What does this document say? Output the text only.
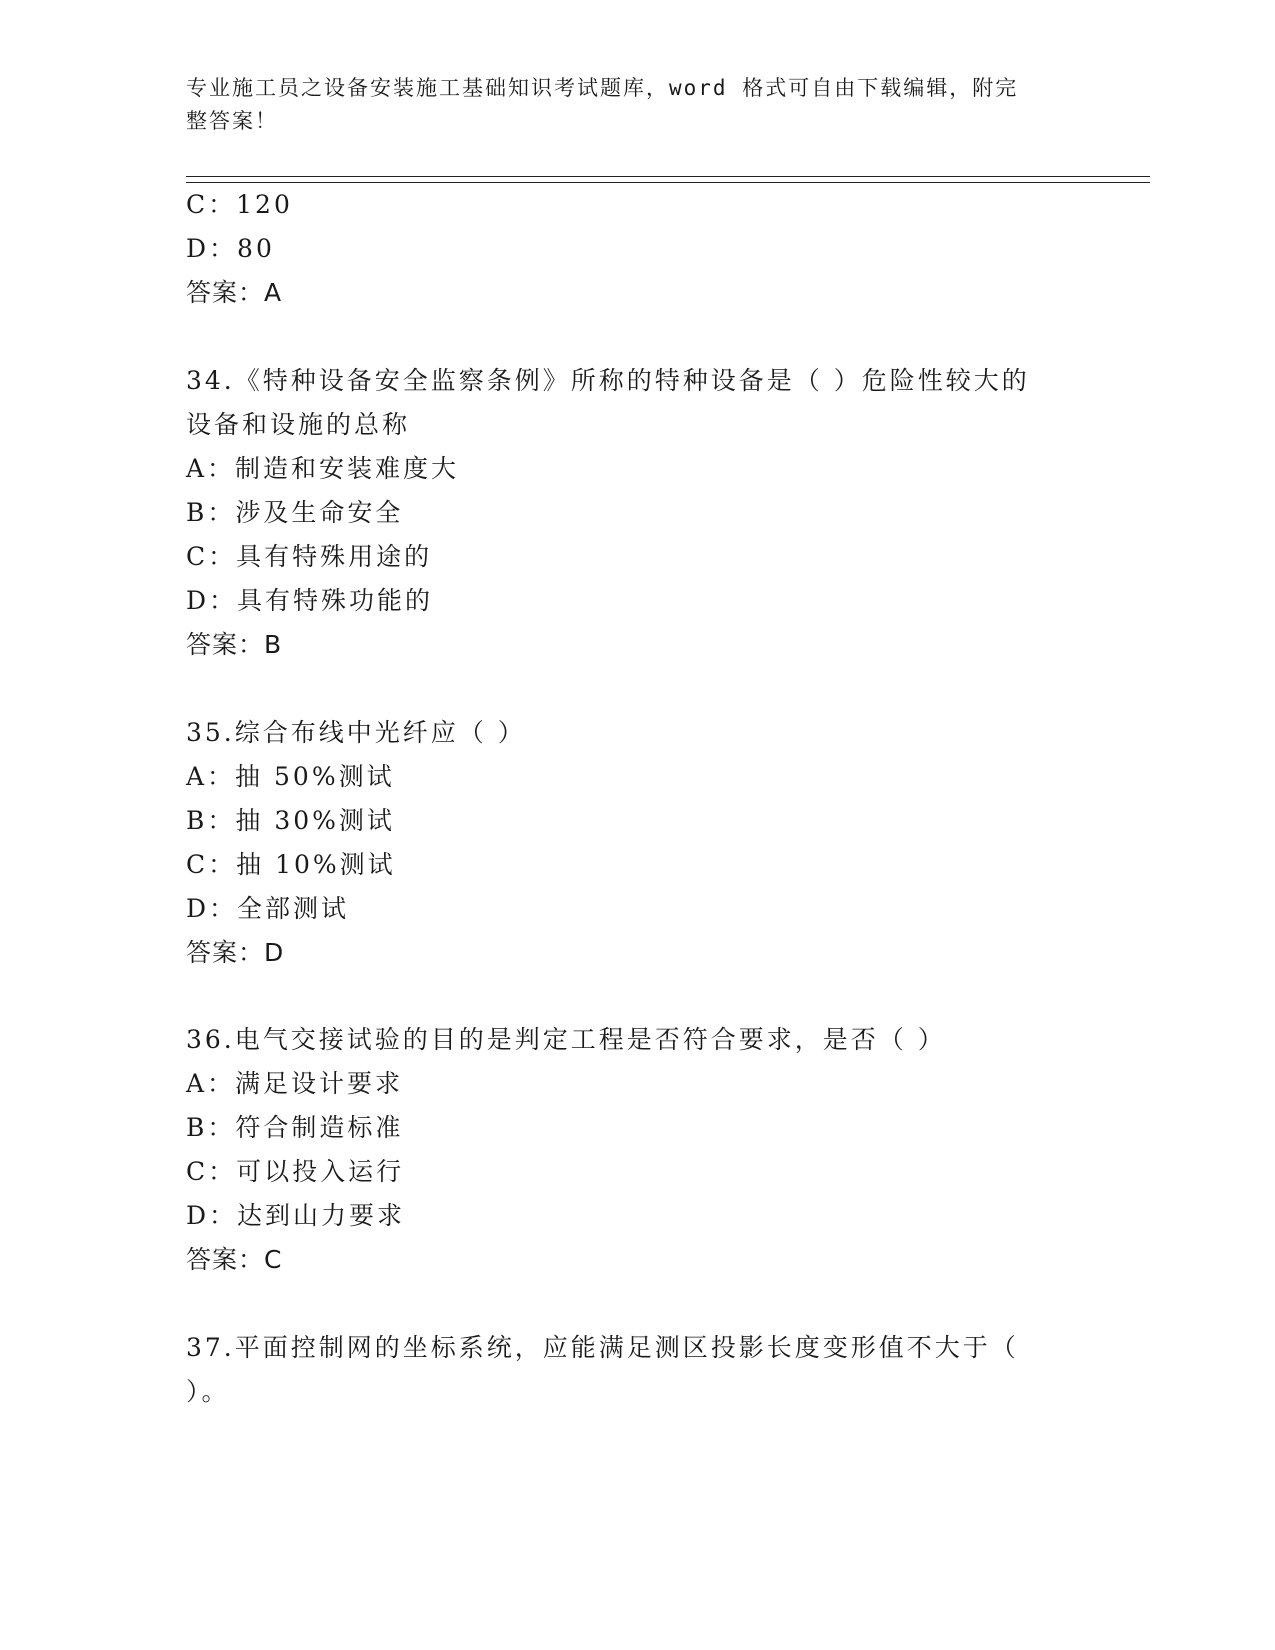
专业施工员之设备安装施工基础知识考试题库，word 格式可自由下载编辑，附完
整答案！
C：120
D：80
答案：A
34.《特种设备安全监察条例》所称的特种设备是（ ）危险性较大的
设备和设施的总称
A：制造和安装难度大
B：涉及生命安全
C：具有特殊用途的
D：具有特殊功能的
答案：B
35.综合布线中光纤应（ ）
A：抽 50%测试
B：抽 30%测试
C：抽 10%测试
D：全部测试
答案：D
36.电气交接试验的目的是判定工程是否符合要求，是否（ ）
A：满足设计要求
B：符合制造标准
C：可以投入运行
D：达到山力要求
答案：C
37.平面控制网的坐标系统，应能满足测区投影长度变形值不大于（
）。
